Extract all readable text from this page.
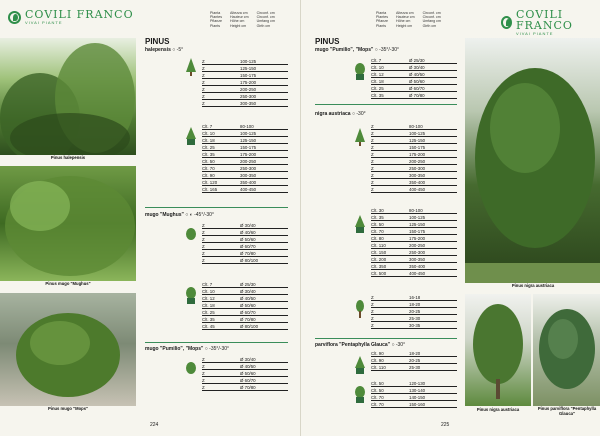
COVILI FRANCO
VIVAI PIANTE
Pianta
Plantes
Pflanze
Plants
Altezza cm
Hauteur cm
Höhe cm
Height cm
Circonf. cm
Circonf. cm
Umfang cm
Girth cm
Pinus halepensis
Pinus mugo "Mughus"
Pinus mugo "Mops"
PINUS
halepensis ○ -5°
Z	100-125
Z	125-150
Z	150-175
Z	175-200
Z	200-250
Z	250-300
Z	300-350
Clt. 7	80-100
Clt. 10	100-125
Clt. 18	125-150
Clt. 25	150-175
Clt. 35	175-200
Clt. 50	200-250
Clt. 70	250-300
Clt. 90	300-350
Clt. 120	350-400
Clt. 165	400-450
mugo "Mughus" ○ ◐ -45°/-30°
Z	Ø 30/40
Z	Ø 40/60
Z	Ø 50/60
Z	Ø 60/70
Z	Ø 70/80
Z	Ø 80/100
Clt. 7	Ø 25/30
Clt. 10	Ø 30/40
Clt. 12	Ø 40/50
Clt. 18	Ø 50/60
Clt. 25	Ø 60/70
Clt. 35	Ø 70/80
Clt. 45	Ø 80/100
mugo "Pumilio", "Mops" ○ -35°/-30°
Z	Ø 30/40
Z	Ø 40/50
Z	Ø 50/60
Z	Ø 60/70
Z	Ø 70/80
224
Pianta
Plantes
Pflanze
Plants
Altezza cm
Hauteur cm
Höhe cm
Height cm
Circonf. cm
Circonf. cm
Umfang cm
Girth cm
COVILI FRANCO
VIVAI PIANTE
PINUS
mugo "Pumilio", "Mops" ○ -35°/-30°
Clt. 7	Ø 25/30
Clt. 10	Ø 30/40
Clt. 12	Ø 40/50
Clt. 18	Ø 50/60
Clt. 25	Ø 60/70
Clt. 35	Ø 70/80
nigra austriaca ○ -30°
Z	80-100
Z	100-125
Z	125-150
Z	150-175
Z	175-200
Z	200-250
Z	250-300
Z	300-350
Z	350-400
Z	400-450
Clt. 30	80-100
Clt. 35	100-125
Clt. 50	125-150
Clt. 70	150-175
Clt. 80	175-200
Clt. 110	200-250
Clt. 150	250-300
Clt. 200	300-350
Clt. 350	350-400
Clt. 500	400-450
Z	16-18
Z	18-20
Z	20-25
Z	25-30
Z	30-35
parviflora "Pentaphylla Glauca" ○ -30°
Clt. 90	18-20
Clt. 90	20-25
Clt. 110	25-30
Clt. 50	120-130
Clt. 50	130-140
Clt. 70	140-150
Clt. 70	150-160
Pinus nigra austriaca
Pinus nigra austriaca	Pinus parviflora "Pentaphylla Glauca"
225
